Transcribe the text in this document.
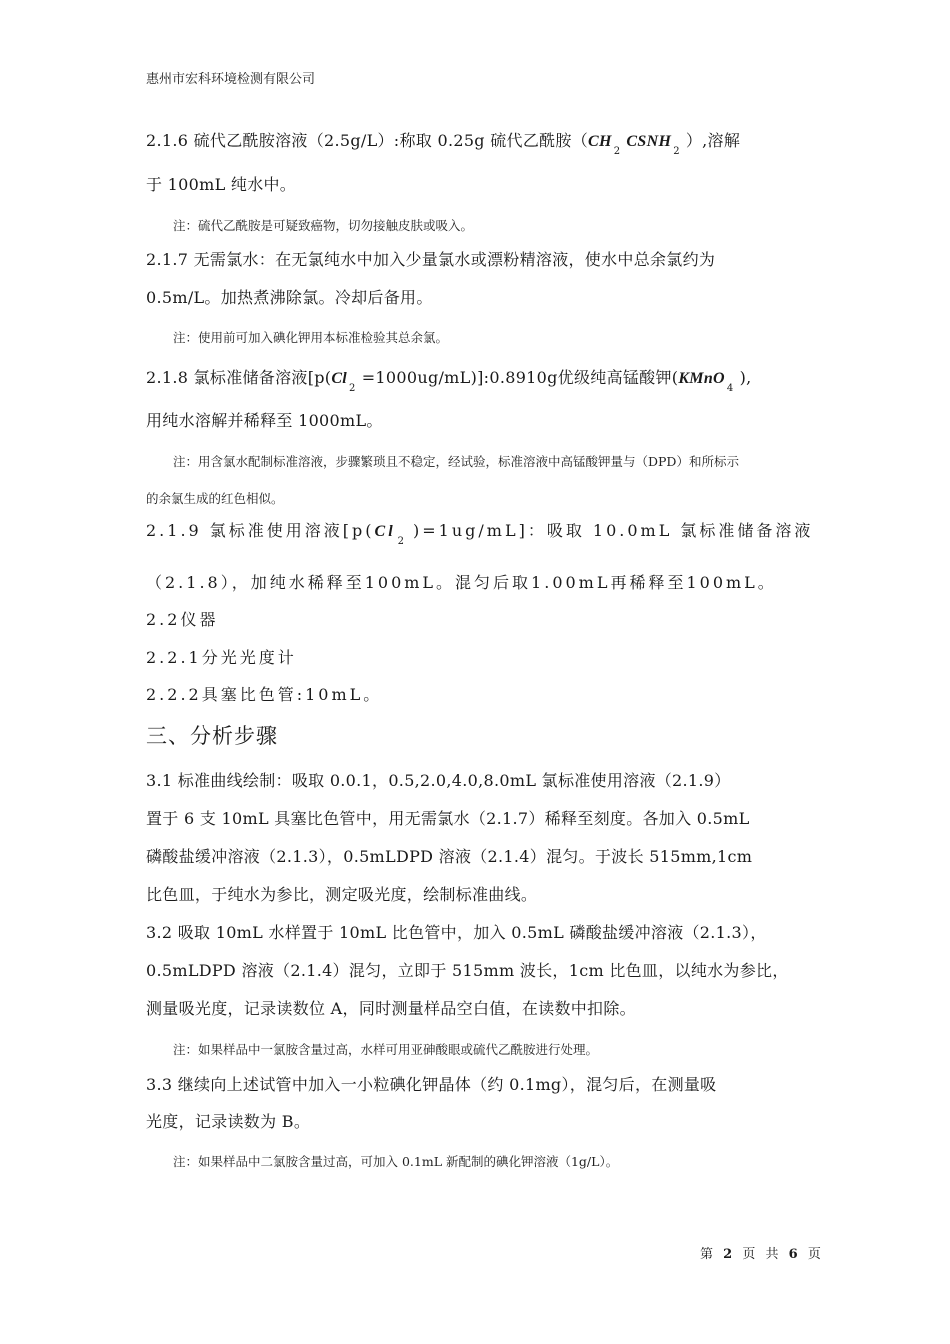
惠州市宏科环境检测有限公司
2.1.6 硫代乙酰胺溶液（2.5g/L）:称取 0.25g 硫代乙酰胺$(CH_2CSNH_2)$,溶解
于 100mL 纯水中。
注：硫代乙酰胺是可疑致癌物，切勿接触皮肤或吸入。
2.1.7 无需氯水：在无氯纯水中加入少量氯水或漂粉精溶液，使水中总余氯约为
0.5m/L。加热煮沸除氯。冷却后备用。
注：使用前可加入碘化钾用本标准检验其总余氯。
2.1.8 氯标准储备溶液$[p(Cl_2=1000ug/mL)]:0.8910g$优级纯高锰酸钾(KMnO$_4$),
用纯水溶解并稀释至 1000mL。
注：用含氯水配制标准溶液，步骤繁琐且不稳定，经试验，标准溶液中高锰酸钾量与（DPD）和所标示
的余氯生成的红色相似。
2.1.9 氯标准使用溶液$[p(Cl_2)=1ug/mL]$：吸取 10.0mL 氯标准储备溶液
（2.1.8），加纯水稀释至100mL。混匀后取1.00mL再稀释至100mL。
2.2仪器
2.2.1分光光度计
2.2.2具塞比色管:10mL。
三、分析步骤
3.1 标准曲线绘制：吸取 0.0.1，0.5,2.0,4.0,8.0mL 氯标准使用溶液（2.1.9）
置于 6 支 10mL 具塞比色管中，用无需氯水（2.1.7）稀释至刻度。各加入 0.5mL
磷酸盐缓冲溶液（2.1.3），0.5mLDPD 溶液（2.1.4）混匀。于波长 515mm,1cm
比色皿，于纯水为参比，测定吸光度，绘制标准曲线。
3.2 吸取 10mL 水样置于 10mL 比色管中，加入 0.5mL 磷酸盐缓冲溶液（2.1.3），
0.5mLDPD 溶液（2.1.4）混匀，立即于 515mm 波长，1cm 比色皿，以纯水为参比，
测量吸光度，记录读数位 A，同时测量样品空白值，在读数中扣除。
注：如果样品中一氯胺含量过高，水样可用亚砷酸眼或硫代乙酰胺进行处理。
3.3 继续向上述试管中加入一小粒碘化钾晶体（约 0.1mg），混匀后，在测量吸
光度，记录读数为 B。
注：如果样品中二氯胺含量过高，可加入 0.1mL 新配制的碘化钾溶液（1g/L）。
第 2 页 共 6 页
